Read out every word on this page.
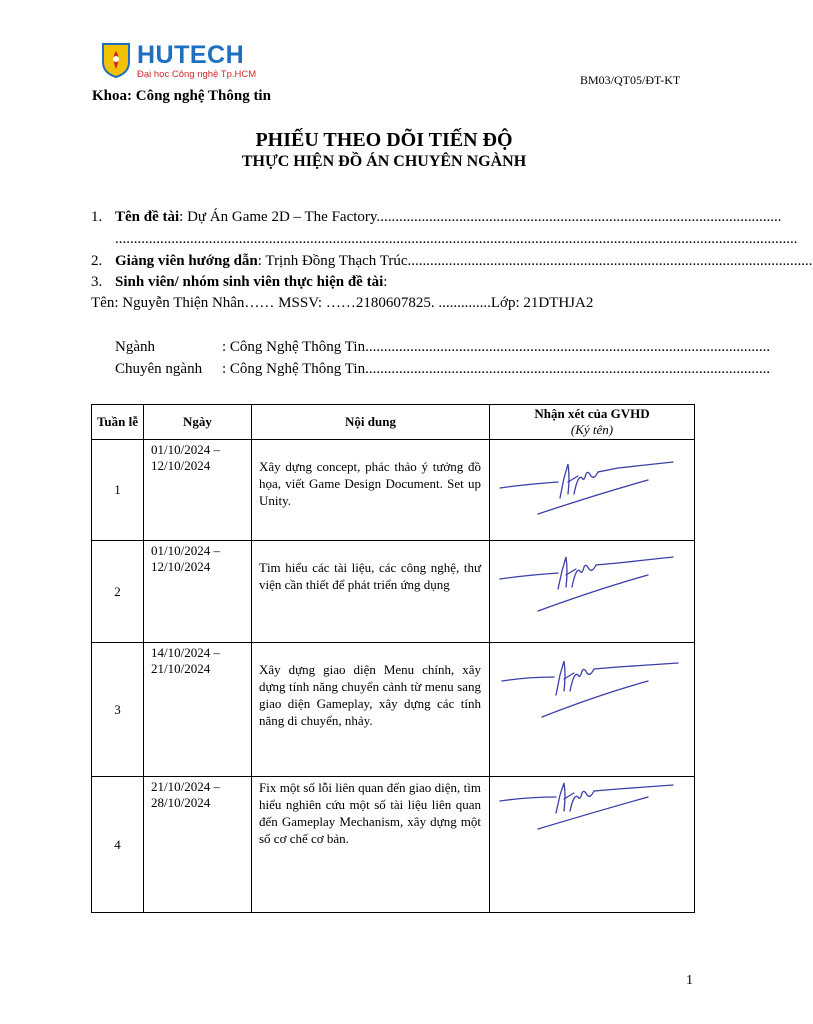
HUTECH
Đại học Công nghệ Tp.HCM	BM03/QT05/ĐT-KT
Khoa: Công nghệ Thông tin
PHIẾU THEO DÕI TIẾN ĐỘ
THỰC HIỆN ĐỒ ÁN CHUYÊN NGÀNH
1. Tên đề tài: Dự Án Game 2D – The Factory............................................................................................................
......................................................................................................................................................................................
2. Giảng viên hướng dẫn: Trịnh Đồng Thạch Trúc............................................................................................................
3. Sinh viên/ nhóm sinh viên thực hiện đề tài:
Tên: Nguyễn Thiện Nhân…… MSSV: ……2180607825. ..............Lớp: 21DTHJA2
Ngành	: Công Nghệ Thông Tin............................................................................................................
Chuyên ngành : Công Nghệ Thông Tin............................................................................................................
Tuần lễ	Ngày	Nội dung	Nhận xét của GVHD
(Ký tên)

1	01/10/2024 –
12/10/2024	Xây dựng concept, phác thảo ý tưởng đồ họa, viết Game Design Document. Set up Unity.	

2	01/10/2024 –
12/10/2024	Tìm hiểu các tài liệu, các công nghệ, thư viện cần thiết để phát triển ứng dụng	

3	14/10/2024 –
21/10/2024	Xây dựng giao diện Menu chính, xây dựng tính năng chuyển cảnh từ menu sang giao diện Gameplay, xây dựng các tính năng di chuyển, nhảy.	

4	21/10/2024 –
28/10/2024	Fix một số lỗi liên quan đến giao diện, tìm hiểu nghiên cứu một số tài liệu liên quan đến Gameplay Mechanism, xây dựng một số cơ chế cơ bản.	
1
